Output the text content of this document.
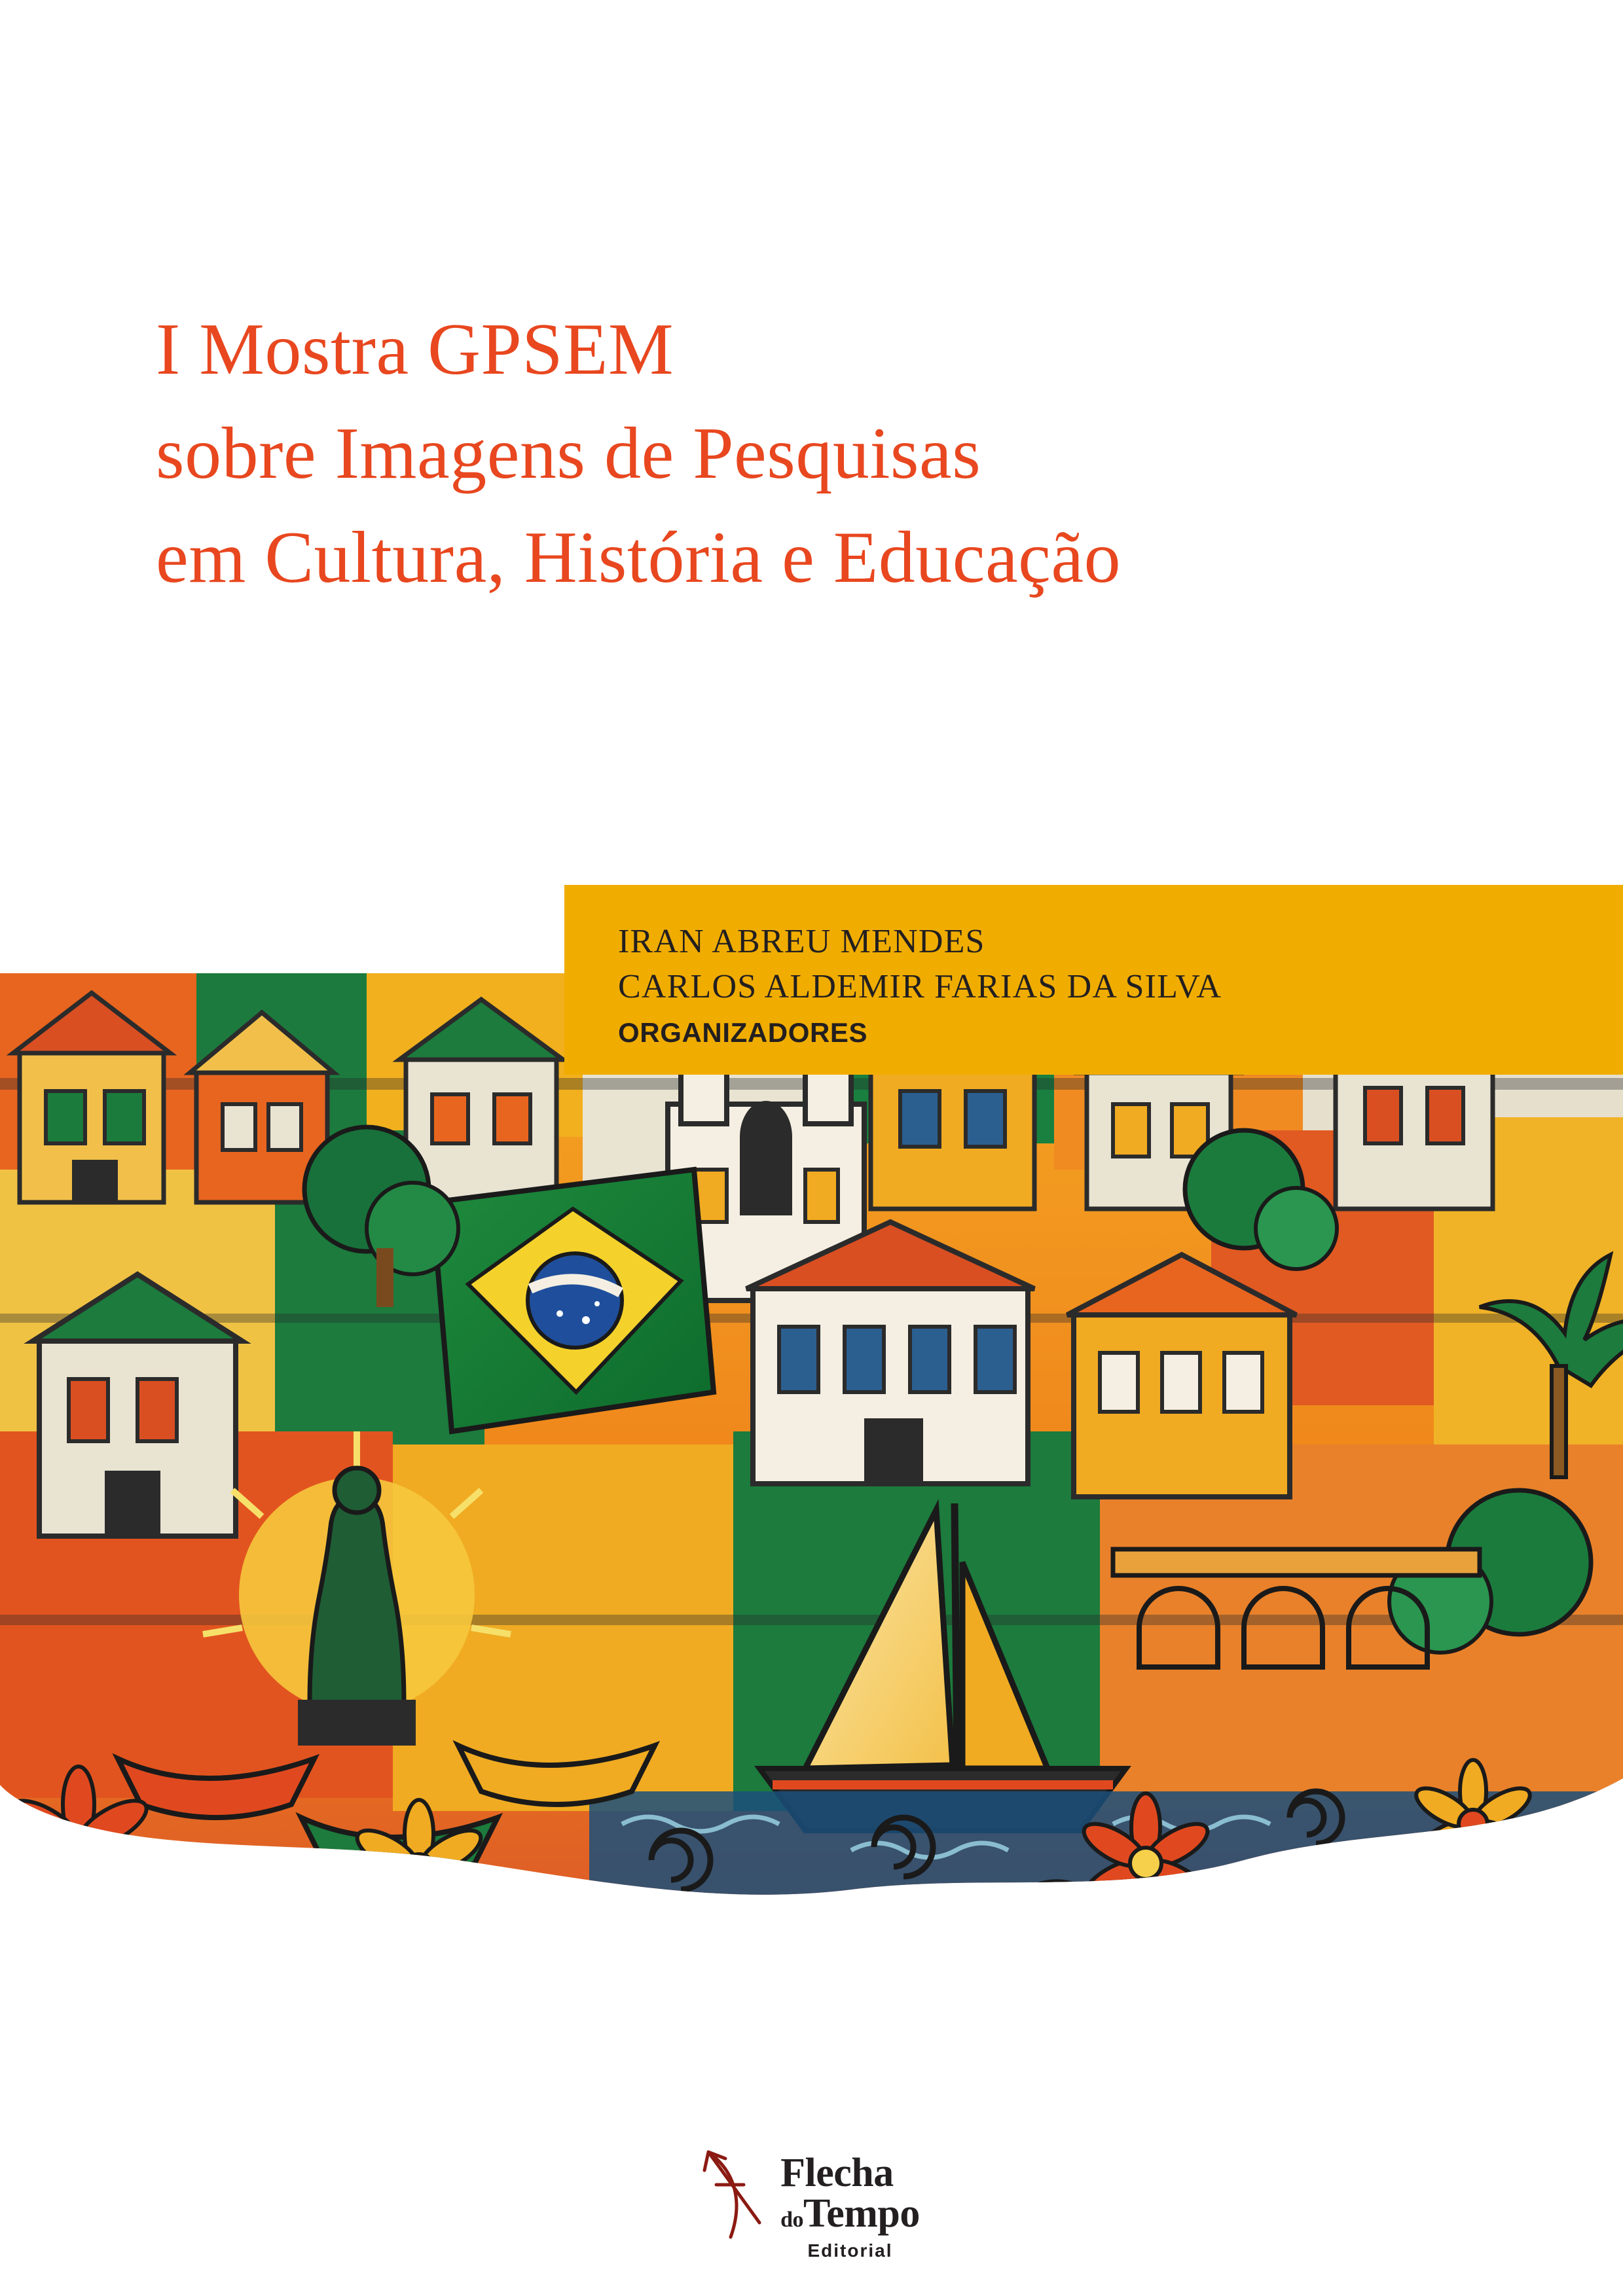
I Mostra GPSEM
sobre Imagens de Pesquisas
em Cultura, História e Educação
IRAN ABREU MENDES
CARLOS ALDEMIR FARIAS DA SILVA
ORGANIZADORES
Flecha
doTempo
Editorial
